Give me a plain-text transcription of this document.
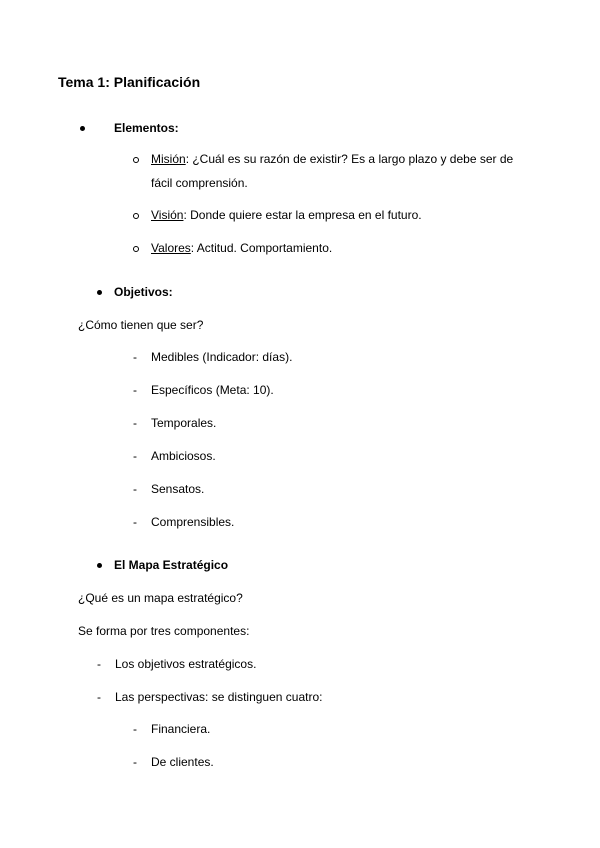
Tema 1: Planificación
Elementos:
Misión: ¿Cuál es su razón de existir? Es a largo plazo y debe ser de
fácil comprensión.
Visión: Donde quiere estar la empresa en el futuro.
Valores: Actitud. Comportamiento.
Objetivos:
¿Cómo tienen que ser?
- Medibles (Indicador: días).
- Específicos (Meta: 10).
- Temporales.
- Ambiciosos.
- Sensatos.
- Comprensibles.
El Mapa Estratégico
¿Qué es un mapa estratégico?
Se forma por tres componentes:
- Los objetivos estratégicos.
- Las perspectivas: se distinguen cuatro:
- Financiera.
- De clientes.
